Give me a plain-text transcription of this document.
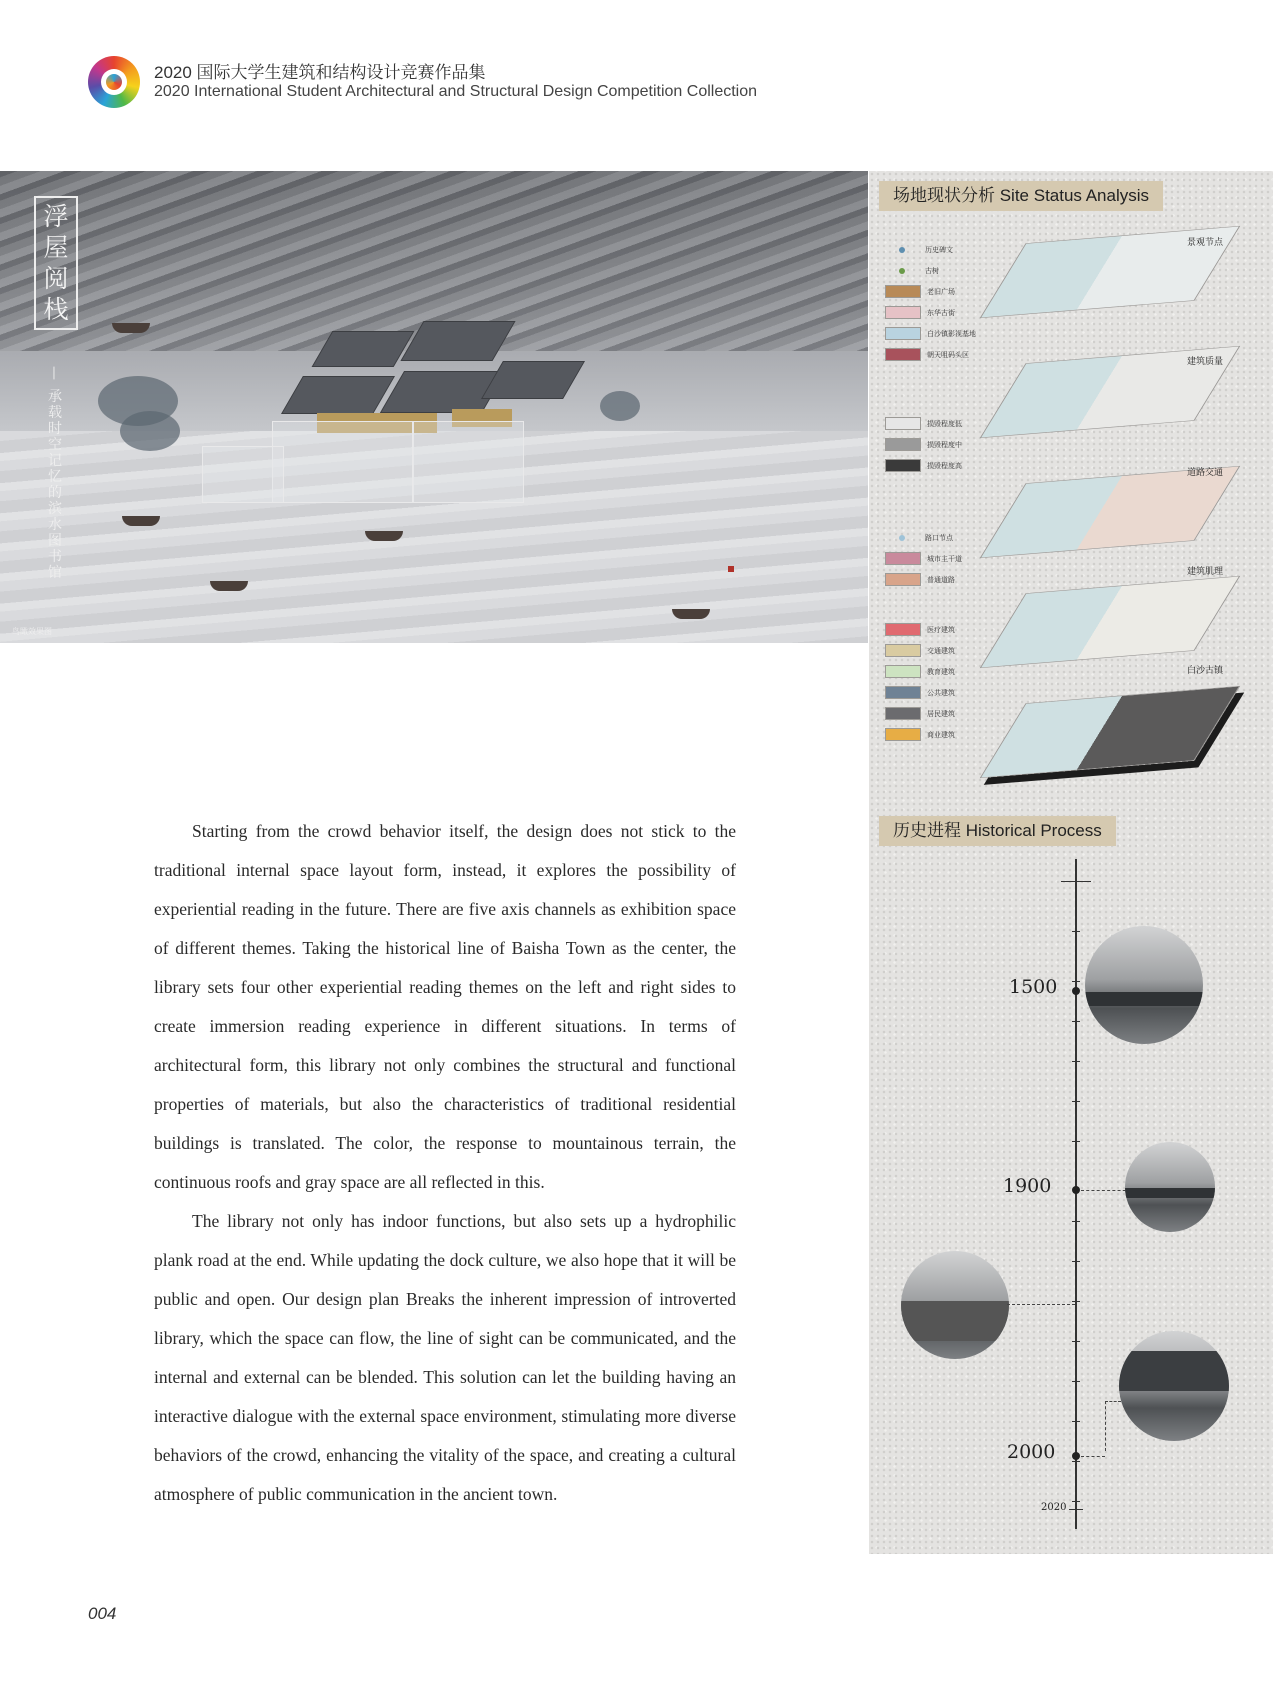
2020 国际大学生建筑和结构设计竞赛作品集
2020 International Student Architectural and Structural Design Competition Collection
浮
屋
阅
栈
— 承载时空记忆的滨水图书馆
鸟瞰效果图
场地现状分析 Site Status Analysis
历史碑文
古树
老旧广场
东华古街
白沙镇影视基地
朝天咀码头区
损毁程度低
损毁程度中
损毁程度高
路口节点
城市主干道
普通道路
医疗建筑
交通建筑
教育建筑
公共建筑
居民建筑
商业建筑
景观节点
建筑质量
道路交通
建筑肌理
白沙古镇
历史进程 Historical Process
1500
1900
2000
2020

Starting from the crowd behavior itself, the design does not stick to the traditional internal space layout form, instead, it explores the possibility of experiential reading in the future. There are five axis channels as exhibition space of different themes. Taking the historical line of Baisha Town as the center, the library sets four other experiential reading themes on the left and right sides to create immersion reading experience in different situations. In terms of architectural form, this library not only combines the structural and functional properties of materials, but also the characteristics of traditional residential buildings is translated. The color, the response to mountainous terrain, the continuous roofs and gray space are all reflected in this.

The library not only has indoor functions, but also sets up a hydrophilic plank road at the end. While updating the dock culture, we also hope that it will be public and open. Our design plan Breaks the inherent impression of introverted library, which the space can flow, the line of sight can be communicated, and the internal and external can be blended. This solution can let the building having an interactive dialogue with the external space environment, stimulating more diverse behaviors of the crowd, enhancing the vitality of the space, and creating a cultural atmosphere of public communication in the ancient town.

004
